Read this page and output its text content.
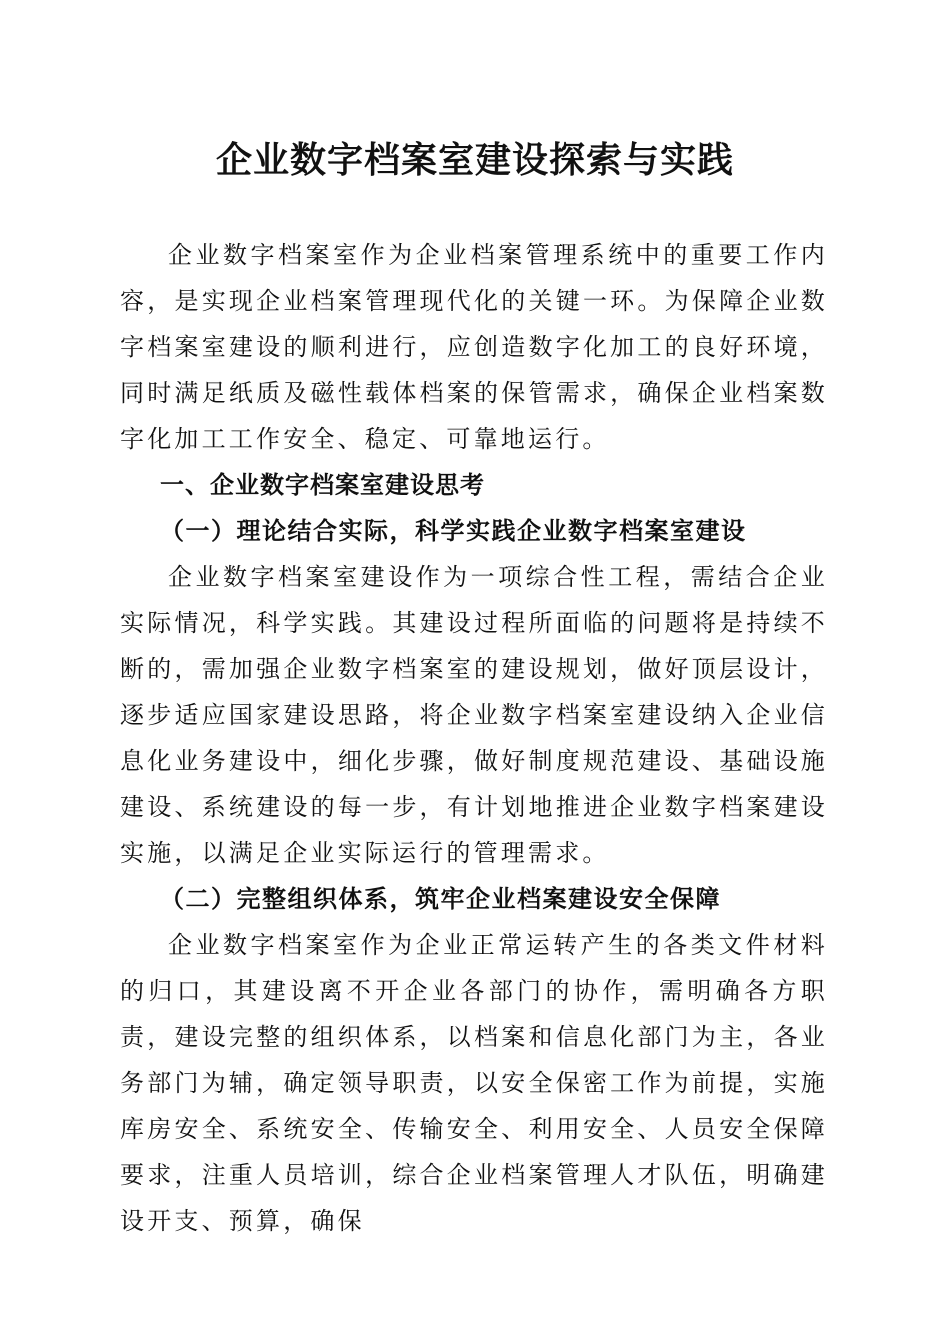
企业数字档案室建设探索与实践

企业数字档案室作为企业档案管理系统中的重要工作内容，是实现企业档案管理现代化的关键一环。为保障企业数字档案室建设的顺利进行，应创造数字化加工的良好环境，同时满足纸质及磁性载体档案的保管需求，确保企业档案数字化加工工作安全、稳定、可靠地运行。

一、企业数字档案室建设思考

（一）理论结合实际，科学实践企业数字档案室建设

企业数字档案室建设作为一项综合性工程，需结合企业实际情况，科学实践。其建设过程所面临的问题将是持续不断的，需加强企业数字档案室的建设规划，做好顶层设计，逐步适应国家建设思路，将企业数字档案室建设纳入企业信息化业务建设中，细化步骤，做好制度规范建设、基础设施建设、系统建设的每一步，有计划地推进企业数字档案建设实施，以满足企业实际运行的管理需求。

（二）完整组织体系，筑牢企业档案建设安全保障

企业数字档案室作为企业正常运转产生的各类文件材料的归口，其建设离不开企业各部门的协作，需明确各方职责，建设完整的组织体系，以档案和信息化部门为主，各业务部门为辅，确定领导职责，以安全保密工作为前提，实施库房安全、系统安全、传输安全、利用安全、人员安全保障要求，注重人员培训，综合企业档案管理人才队伍，明确建设开支、预算，确保
